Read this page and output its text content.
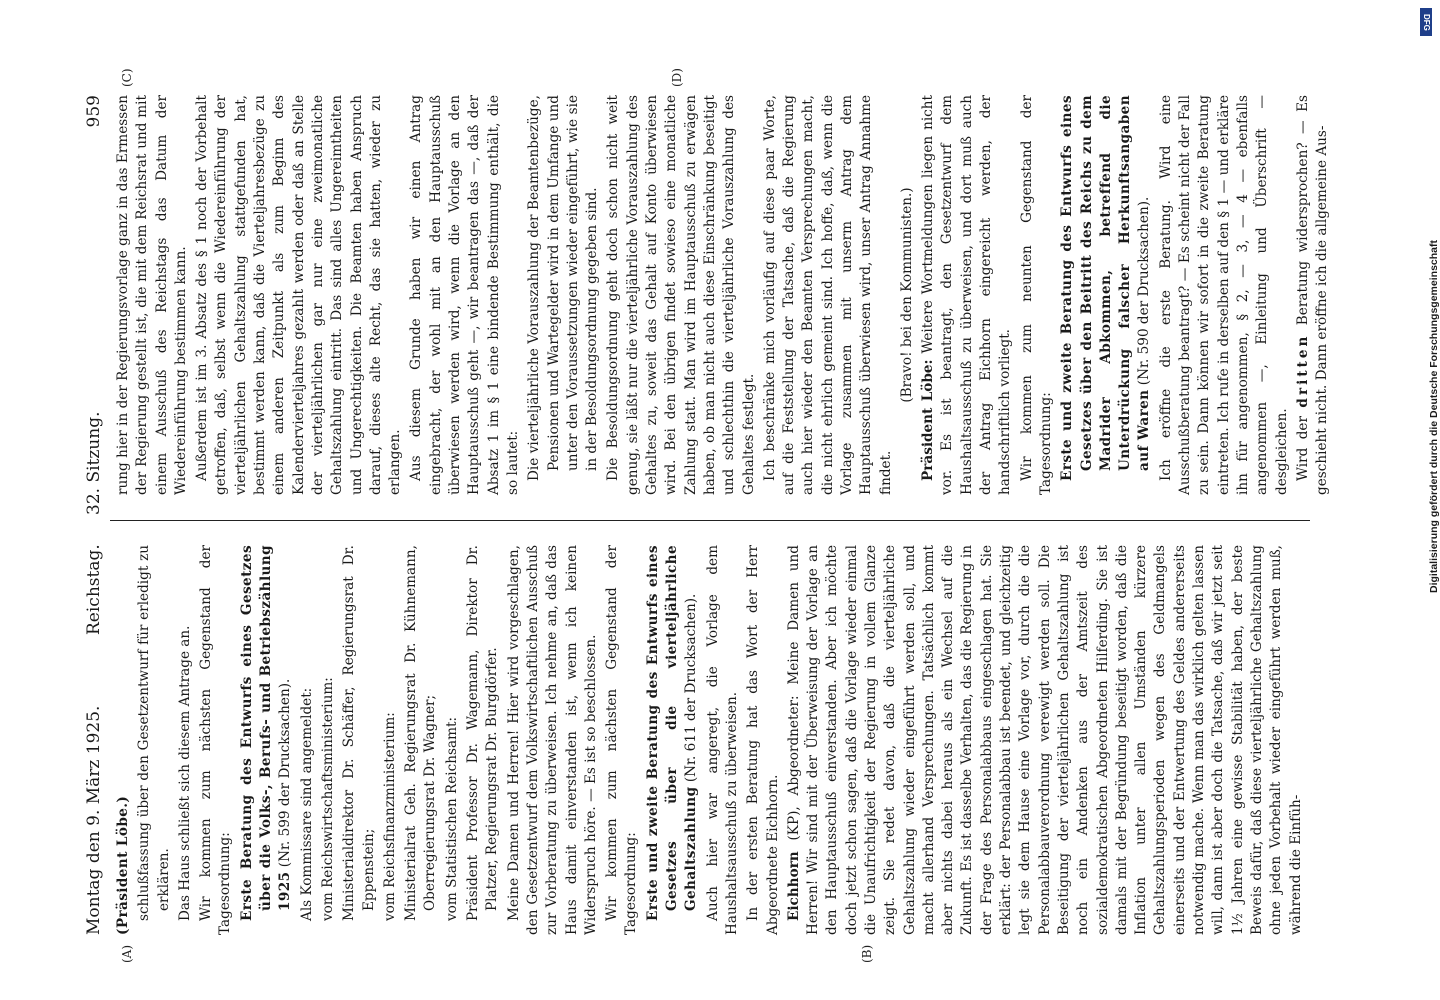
Montag den 9. März 1925.
Reichstag.
32. Sitzung.
959
(A)	(B)
(C)	(D)

(Präsident Löbe.) schlußfassung über den Gesetzentwurf für erledigt zu erklären. Das Haus schließt sich diesem Antrage an. Wir kommen zum nächsten Gegenstand der Tagesordnung: Erste Beratung des Entwurfs eines Gesetzes über die Volks-, Berufs- und Betriebszählung 1925 (Nr. 599 der Drucksachen). Als Kommissare sind angemeldet: vom Reichswirtschaftsministerium: Ministerialdirektor Dr. Schäffer, Regierungsrat Dr. Eppenstein; vom Reichsfinanzministerium: Ministerialrat Geh. Regierungsrat Dr. Kühnemann, Oberregierungsrat Dr. Wagner; vom Statistischen Reichsamt: Präsident Professor Dr. Wagemann, Direktor Dr. Platzer, Regierungsrat Dr. Burgdörfer. Meine Damen und Herren! Hier wird vorgeschlagen, den Gesetzentwurf dem Volkswirtschaftlichen Ausschuß zur Vorberatung zu überweisen. Ich nehme an, daß das Haus damit einverstanden ist, wenn ich keinen Widerspruch höre. — Es ist so beschlossen. Wir kommen zum nächsten Gegenstand der Tagesordnung: Erste und zweite Beratung des Entwurfs eines Gesetzes über die vierteljährliche Gehaltszahlung (Nr. 611 der Drucksachen). Auch hier war angeregt, die Vorlage dem Haushaltsausschuß zu überweisen. In der ersten Beratung hat das Wort der Herr Abgeordnete Eichhorn. Eichhorn (KP), Abgeordneter: Meine Damen und Herren! Wir sind mit der Überweisung der Vorlage an den Hauptausschuß einverstanden. Aber ich möchte doch jetzt schon sagen, daß die Vorlage wieder einmal die Unaufrichtigkeit der Regierung in vollem Glanze zeigt. Sie redet davon, daß die vierteljährliche Gehaltszahlung wieder eingeführt werden soll, und macht allerhand Versprechungen. Tatsächlich kommt aber nichts dabei heraus als ein Wechsel auf die Zukunft. Es ist dasselbe Verhalten, das die Regierung in der Frage des Personalabbaus eingeschlagen hat. Sie erklärt: der Personalabbau ist beendet, und gleichzeitig legt sie dem Hause eine Vorlage vor, durch die die Personalabbauverordnung verewigt werden soll. Die Beseitigung der vierteljährlichen Gehaltszahlung ist noch ein Andenken aus der Amtszeit des sozialdemokratischen Abgeordneten Hilferding. Sie ist damals mit der Begründung beseitigt worden, daß die Inflation unter allen Umständen kürzere Gehaltszahlungsperioden wegen des Geldmangels einerseits und der Entwertung des Geldes andererseits notwendig mache. Wenn man das wirklich gelten lassen will, dann ist aber doch die Tatsache, daß wir jetzt seit 1½ Jahren eine gewisse Stabilität haben, der beste Beweis dafür, daß diese vierteljährliche Gehaltszahlung ohne jeden Vorbehalt wieder eingeführt werden muß, während die Einfüh-

rung hier in der Regierungsvorlage ganz in das Ermessen der Regierung gestellt ist, die mit dem Reichsrat und mit einem Ausschuß des Reichstags das Datum der Wiedereinführung bestimmen kann. Außerdem ist im 3. Absatz des § 1 noch der Vorbehalt getroffen, daß, selbst wenn die Wiedereinführung der vierteljährlichen Gehaltszahlung stattgefunden hat, bestimmt werden kann, daß die Vierteljahresbezüge zu einem anderen Zeitpunkt als zum Beginn des Kalendervierteljahres gezahlt werden oder daß an Stelle der vierteljährlichen gar nur eine zweimonatliche Gehaltszahlung eintritt. Das sind alles Ungereimtheiten und Ungerechtigkeiten. Die Beamten haben Anspruch darauf, dieses alte Recht, das sie hatten, wieder zu erlangen. Aus diesem Grunde haben wir einen Antrag eingebracht, der wohl mit an den Hauptausschuß überwiesen werden wird, wenn die Vorlage an den Hauptausschuß geht —, wir beantragen das —, daß der Absatz 1 im § 1 eine bindende Bestimmung enthält, die so lautet: Die vierteljährliche Vorauszahlung der Beamtenbezüge, Pensionen und Wartegelder wird in dem Umfange und unter den Voraussetzungen wieder eingeführt, wie sie in der Besoldungsordnung gegeben sind. Die Besoldungsordnung geht doch schon nicht weit genug, sie läßt nur die vierteljährliche Vorauszahlung des Gehaltes zu, soweit das Gehalt auf Konto überwiesen wird. Bei den übrigen findet sowieso eine monatliche Zahlung statt. Man wird im Hauptausschuß zu erwägen haben, ob man nicht auch diese Einschränkung beseitigt und schlechthin die vierteljährliche Vorauszahlung des Gehaltes festlegt. Ich beschränke mich vorläufig auf diese paar Worte, auf die Feststellung der Tatsache, daß die Regierung auch hier wieder den Beamten Versprechungen macht, die nicht ehrlich gemeint sind. Ich hoffe, daß, wenn die Vorlage zusammen mit unserm Antrag dem Hauptausschuß überwiesen wird, unser Antrag Annahme findet.

(Bravo! bei den Kommunisten.)

Präsident Löbe: Weitere Wortmeldungen liegen nicht vor. Es ist beantragt, den Gesetzentwurf dem Haushaltsausschuß zu überweisen, und dort muß auch der Antrag Eichhorn eingereicht werden, der handschriftlich vorliegt. Wir kommen zum neunten Gegenstand der Tagesordnung: Erste und zweite Beratung des Entwurfs eines Gesetzes über den Beitritt des Reichs zu dem Madrider Abkommen, betreffend die Unterdrückung falscher Herkunftsangaben auf Waren (Nr. 590 der Drucksachen). Ich eröffne die erste Beratung. Wird eine Ausschußberatung beantragt? — Es scheint nicht der Fall zu sein. Dann können wir sofort in die zweite Beratung eintreten. Ich rufe in derselben auf den § 1 — und erkläre ihn für angenommen, § 2, — 3, — 4 — ebenfalls angenommen —, Einleitung und Überschrift — desgleichen. Wird der dritten Beratung widersprochen? — Es geschieht nicht. Dann eröffne ich die allgemeine Aus-

DFG
Digitalisierung gefördert durch die Deutsche Forschungsgemeinschaft
